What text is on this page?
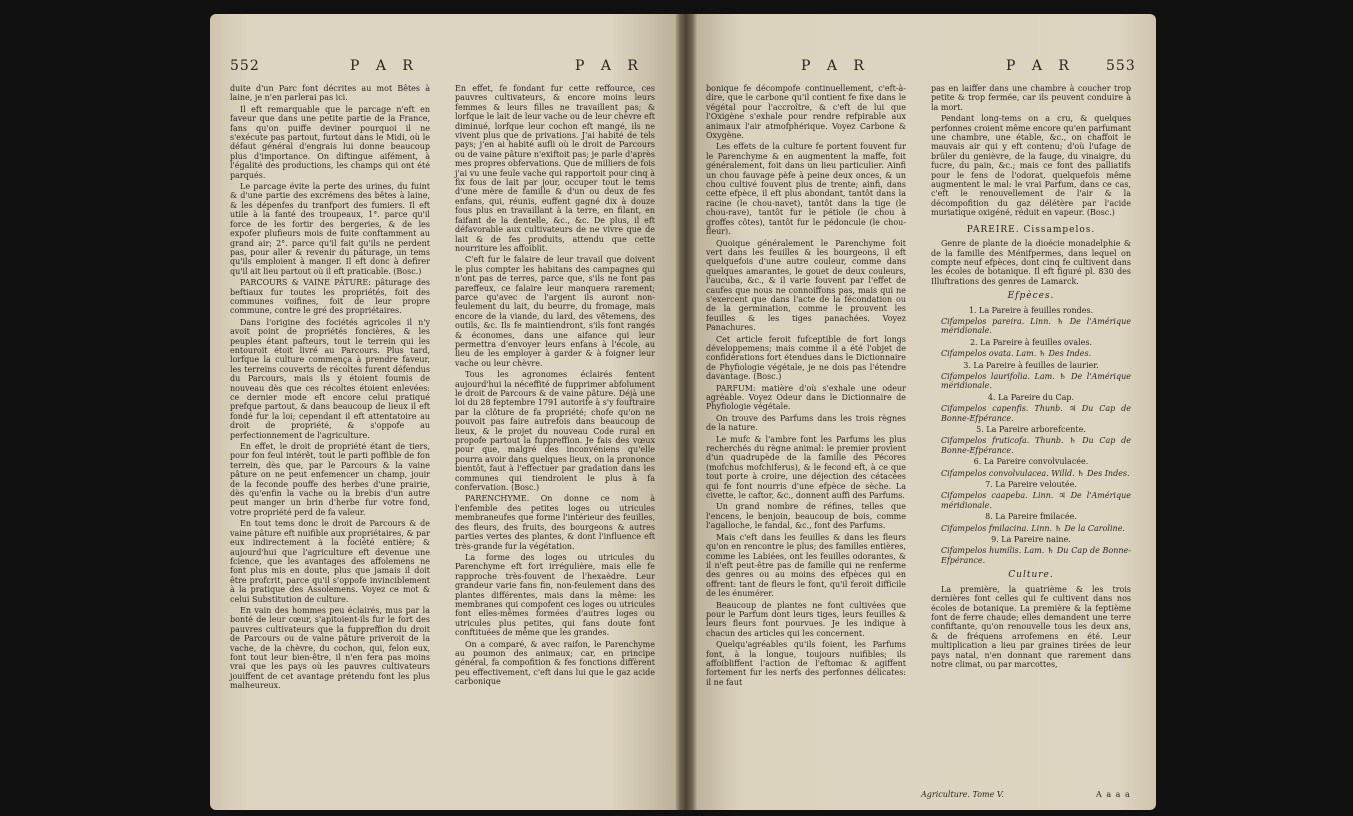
552	P A R	P A R

duite d'un Parc font décrites au mot Bêtes à laine, je n'en parlerai pas ici.

Il eft remarquable que le parcage n'eft en faveur que dans une petite partie de la France, fans qu'on puiffe deviner pourquoi il ne s'exécute pas partout, furtout dans le Midi, où le défaut général d'engrais lui donne beaucoup plus d'importance. On diftingue aifément, à l'égalité des productions, les champs qui ont été parqués.

Le parcage évite la perte des urines, du fuint & d'une partie des excrémens des bêtes à laine, & les dépenfes du tranfport des fumiers. Il eft utile à la fanté des troupeaux, 1°. parce qu'il force de les fortir des bergeries, & de les expofer plufieurs mois de fuite conftamment au grand air; 2°. parce qu'il fait qu'ils ne perdent pas, pour aller & revenir du pâturage, un tems qu'ils emploient à manger. Il eft donc à defirer qu'il ait lieu partout où il eft praticable. (Bosc.)

PARCOURS & VAINE PÂTURE: pâturage des beftiaux fur toutes les propriétés, foit des communes voifines, foit de leur propre commune, contre le gré des propriétaires.

Dans l'origine des fociétés agricoles il n'y avoit point de propriétés foncières, & les peuples étant pafteurs, tout le terrein qui les entouroit étoit livré au Parcours. Plus tard, lorfque la culture commença à prendre faveur, les terreins couverts de récoltes furent défendus du Parcours, mais ils y étoient foumis de nouveau dès que ces récoltes étoient enlevées: ce dernier mode eft encore celui pratiqué prefque partout, & dans beaucoup de lieux il eft fondé fur la loi; cependant il eft attentatoire au droit de propriété, & s'oppofe au perfectionnement de l'agriculture.

En effet, le droit de propriété étant de tiers, pour fon feul intérêt, tout le parti poffible de fon terrein, dès que, par le Parcours & la vaine pâture on ne peut enfemencer un champ, jouir de la feconde pouffe des herbes d'une prairie, dès qu'enfin la vache ou la brebis d'un autre peut manger un brin d'herbe fur votre fond, votre propriété perd de fa valeur.

En tout tems donc le droit de Parcours & de vaine pâture eft nuifible aux propriétaires, & par eux indirectement à la fociété entière; & aujourd'hui que l'agriculture eft devenue une fcience, que les avantages des affolemens ne font plus mis en doute, plus que jamais il doit être profcrit, parce qu'il s'oppofe invinciblement à la pratique des Assolemens. Voyez ce mot & celui Substitution de culture.

En vain des hommes peu éclairés, mus par la bonté de leur cœur, s'apitoient-ils fur le fort des pauvres cultivateurs que la fuppreffion du droit de Parcours ou de vaine pâture priveroit de la vache, de la chèvre, du cochon, qui, felon eux, font tout leur bien-être, il n'en fera pas moins vrai que les pays où les pauvres cultivateurs jouiffent de cet avantage prétendu font les plus malheureux.

En effet, fe fondant fur cette reffource, ces pauvres cultivateurs, & encore moins leurs femmes & leurs filles ne travaillent pas; & lorfque le lait de leur vache ou de leur chèvre eft diminué, lorfque leur cochon eft mangé, ils ne vivent plus que de privations. J'ai habité de tels pays; j'en ai habité aufli où le droit de Parcours ou de vaine pâture n'exiftoit pas; je parle d'après mes propres obfervations. Que de milliers de fois j'ai vu une feule vache qui rapportoit pour cinq à fix fous de lait par jour, occuper tout le tems d'une mère de famille & d'un ou deux de fes enfans, qui, réunis, euffent gagné dix à douze fous plus en travaillant à la terre, en filant, en faifant de la dentelle, &c., &c. De plus, il eft défavorable aux cultivateurs de ne vivre que de lait & de fes produits, attendu que cette nourriture les affoiblit.

C'eft fur le falaire de leur travail que doivent le plus compter les habitans des campagnes qui n'ont pas de terres, parce que, s'ils ne font pas pareffeux, ce falaire leur manquera rarement; parce qu'avec de l'argent ils auront non-feulement du lait, du beurre, du fromage, mais encore de la viande, du lard, des vêtemens, des outils, &c. Ils fe maintiendront, s'ils font rangés & économes, dans une aifance qui leur permettra d'envoyer leurs enfans à l'école, au lieu de les employer à garder & à foigner leur vache ou leur chèvre.

Tous les agronomes éclairés fentent aujourd'hui la néceffité de fupprimer abfolument le droit de Parcours & de vaine pâture. Déjà une loi du 28 feptembre 1791 autorife à s'y fouftraire par la clôture de fa propriété; chofe qu'on ne pouvoit pas faire autrefois dans beaucoup de lieux, & le projet du nouveau Code rural en propofe partout la fuppreffion. Je fais des vœux pour que, malgré des inconvéniens qu'elle pourra avoir dans quelques lieux, on la prononce bientôt, faut à l'effectuer par gradation dans les communes qui tiendroient le plus à fa confervation. (Bosc.)

PARENCHYME. On donne ce nom à l'enfemble des petites loges ou utricules membraneufes que forme l'intérieur des feuilles, des fleurs, des fruits, des bourgeons & autres parties vertes des plantes, & dont l'influence eft très-grande fur la végétation.

La forme des loges ou utricules du Parenchyme eft fort irrégulière, mais elle fe rapproche très-fouvent de l'hexaèdre. Leur grandeur varie fans fin, non-feulement dans des plantes différentes, mais dans la même: les membranes qui compofent ces loges ou utricules font elles-mêmes formées d'autres loges ou utricules plus petites, qui fans doute font conftituées de même que les grandes.

On a comparé, & avec raifon, le Parenchyme au poumon des animaux; car, en principe général, fa compofition & fes fonctions diffèrent peu effectivement, c'eft dans lui que le gaz acide carbonique

P A R	P A R 553

bonique fe décompofe continuellement, c'eft-à-dire, que le carbone qu'il contient fe fixe dans le végétal pour l'accroître, & c'eft de lui que l'Oxigène s'exhale pour rendre refpirable aux animaux l'air atmofphérique. Voyez Carbone & Oxygène.

Les effets de la culture fe portent fouvent fur le Parenchyme & en augmentent la maffe, foit généralement, foit dans un lieu particulier. Ainfi un chou fauvage pèfe à peine deux onces, & un chou cultivé fouvent plus de trente; ainfi, dans cette efpèce, il eft plus abondant, tantôt dans la racine (le chou-navet), tantôt dans la tige (le chou-rave), tantôt fur le pétiole (le chou à groffes côtes), tantôt fur le pédoncule (le chou-fleur).

Quoique généralement le Parenchyme foit vert dans les feuilles & les bourgeons, il eft quelquefois d'une autre couleur, comme dans quelques amarantes, le gouet de deux couleurs, l'aucuba, &c., & il varie fouvent par l'effet de caufes que nous ne connoiffons pas, mais qui ne s'exercent que dans l'acte de la fécondation ou de la germination, comme le prouvent les feuilles & les tiges panachées. Voyez Panachures.

Cet article feroit fufceptible de fort longs développemens; mais comme il a été l'objet de confidérations fort étendues dans le Dictionnaire de Phyfiologie végétale, je ne dois pas l'étendre davantage. (Bosc.)

PARFUM: matière d'où s'exhale une odeur agréable. Voyez Odeur dans le Dictionnaire de Phyfiologie végétale.

On trouve des Parfums dans les trois règnes de la nature.

Le mufc & l'ambre font les Parfums les plus recherchés du règne animal: le premier provient d'un quadrupède de la famille des Pécores (mofchus mofchiferus), & le fecond eft, à ce que tout porte à croire, une déjection des cétacées qui fe font nourris d'une efpèce de sèche. La civette, le caftor, &c., donnent auffi des Parfums.

Un grand nombre de réfines, telles que l'encens, le benjoin, beaucoup de bois, comme l'agalloche, le fandal, &c., font des Parfums.

Mais c'eft dans les feuilles & dans les fleurs qu'on en rencontre le plus; des familles entières, comme les Labiées, ont les feuilles odorantes, & il n'eft peut-être pas de famille qui ne renferme des genres ou au moins des efpèces qui en offrent: tant de fleurs le font, qu'il feroit difficile de les énumérer.

Beaucoup de plantes ne font cultivées que pour le Parfum dont leurs tiges, leurs feuilles & leurs fleurs font pourvues. Je les indique à chacun des articles qui les concernent.

Quelqu'agréables qu'ils foient, les Parfums font, à la longue, toujours nuifibles; ils affoibliffent l'action de l'eftomac & agiffent fortement fur les nerfs des perfonnes délicates: il ne faut

pas en laiffer dans une chambre à coucher trop petite & trop fermée, car ils peuvent conduire à la mort.

Pendant long-tems on a cru, & quelques perfonnes croient même encore qu'en parfumant une chambre, une étable, &c., on chaffoit le mauvais air qui y eft contenu; d'où l'ufage de brûler du genièvre, de la fauge, du vinaigre, du fucre, du pain, &c.; mais ce font des palliatifs pour le fens de l'odorat, quelquefois même augmentent le mal: le vrai Parfum, dans ce cas, c'eft le renouvellement de l'air & la décompofition du gaz délétère par l'acide muriatique oxigéné, réduit en vapeur. (Bosc.)

PAREIRE. Cissampelos.

Genre de plante de la dioécie monadelphie & de la famille des Ménifpermes, dans lequel on compte neuf efpèces, dont cinq fe cultivent dans les écoles de botanique. Il eft figuré pl. 830 des Illuftrations des genres de Lamarck.

Efpèces.

1. La Pareire à feuilles rondes.

Cifampelos pareira. Linn. ♄ De l'Amérique méridionale.

2. La Pareire à feuilles ovales.

Cifampelos ovata. Lam. ♄ Des Indes.

3. La Pareire à feuilles de laurier.

Cifampelos laurifolia. Lam. ♄ De l'Amérique méridionale.

4. La Pareire du Cap.

Cifampelos capenfis. Thunb. ♃ Du Cap de Bonne-Efpérance.

5. La Pareire arborefcente.

Cifampelos fruticofa. Thunb. ♄ Du Cap de Bonne-Efpérance.

6. La Pareire convolvulacée.

Cifampelos convolvulacea. Willd. ♄ Des Indes.

7. La Pareire veloutée.

Cifampelos caapeba. Linn. ♃ De l'Amérique méridionale.

8. La Pareire fmilacée.

Cifampelos fmilacina. Linn. ♄ De la Caroline.

9. La Pareire naine.

Cifampelos humilis. Lam. ♄ Du Cap de Bonne-Efpérance.

Culture.

La première, la quatrième & les trois dernières font celles qui fe cultivent dans nos écoles de botanique. La première & la feptième font de ferre chaude; elles demandent une terre confiftante, qu'on renouvelle tous les deux ans, & de fréquens arrofemens en été. Leur multiplication a lieu par graines tirées de leur pays natal, n'en donnant que rarement dans notre climat, ou par marcottes,

Agriculture. Tome V.	A a a a
